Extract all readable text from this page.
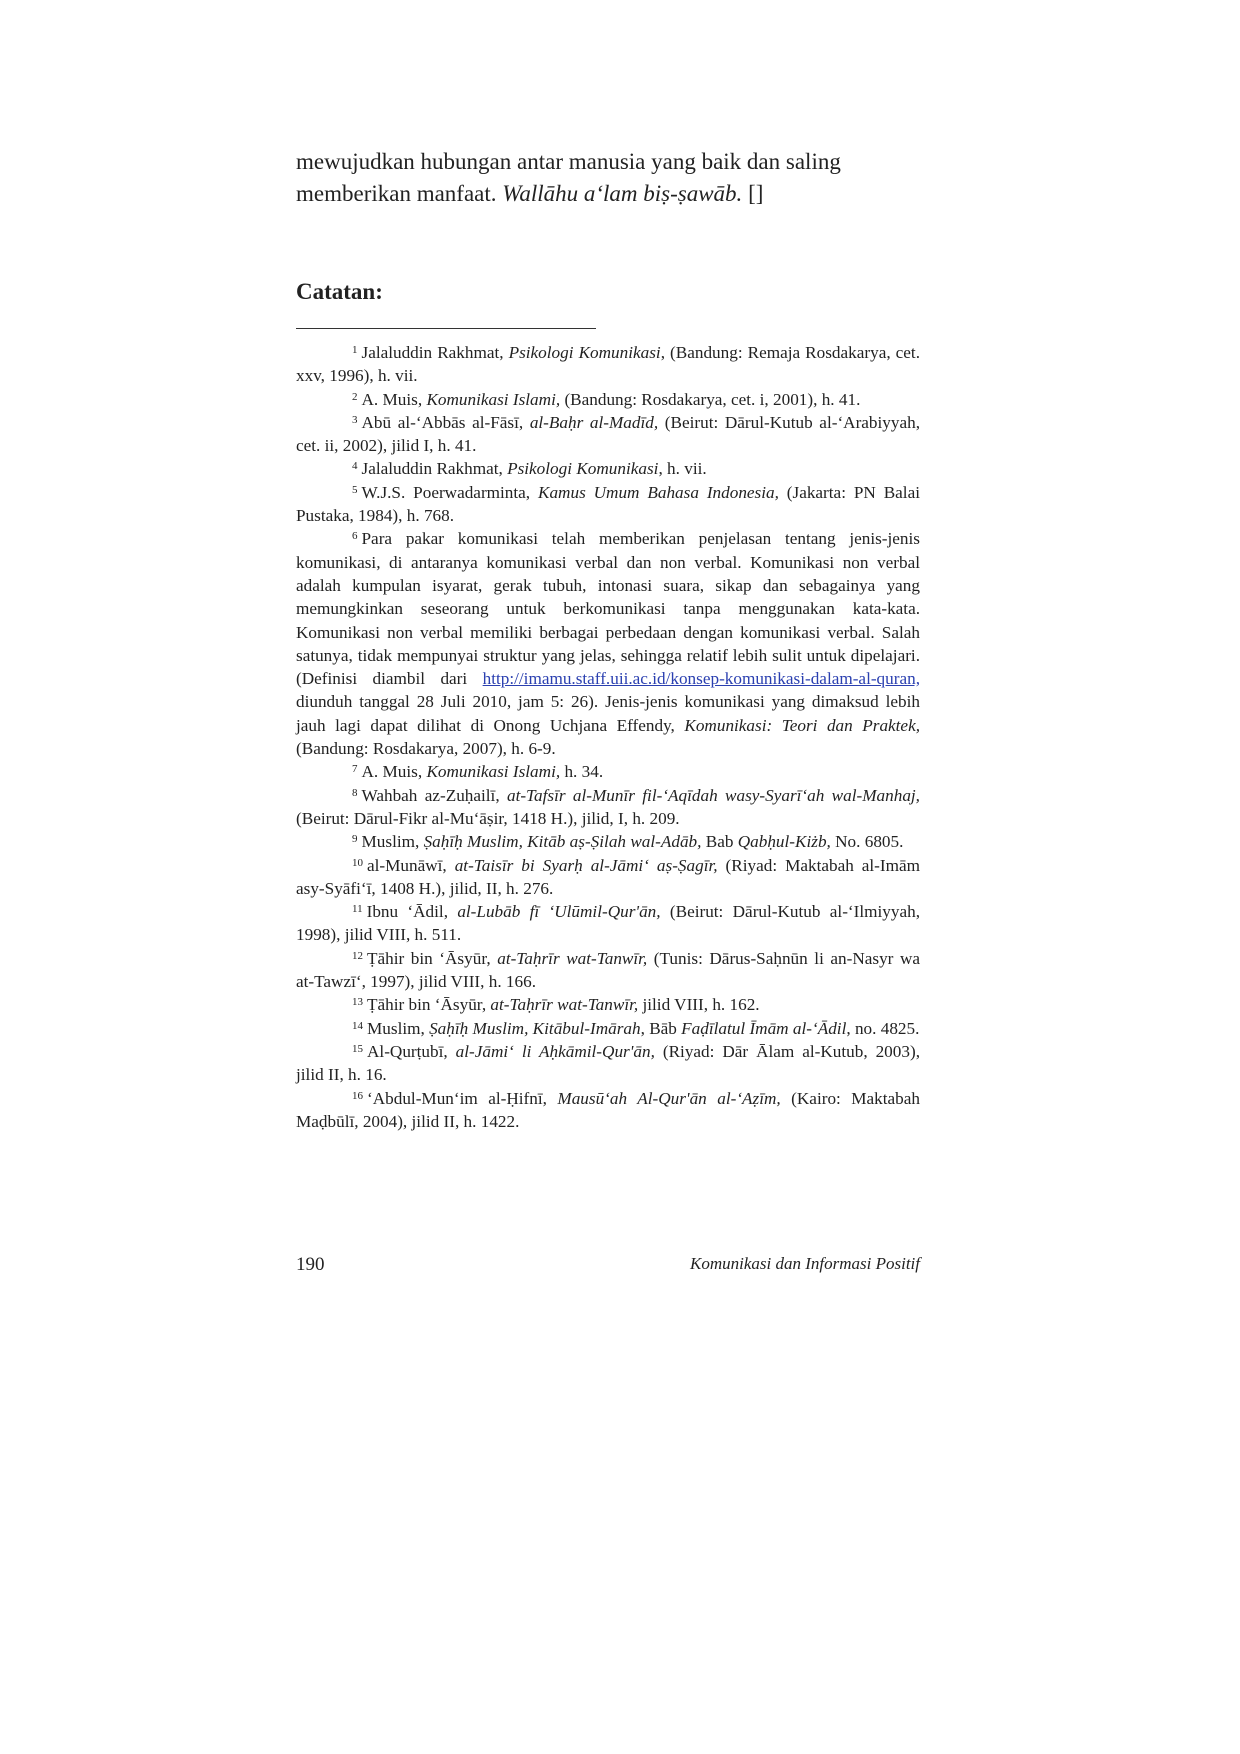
mewujudkan hubungan antar manusia yang baik dan saling
memberikan manfaat. Wallāhu a‘lam biṣ-ṣawāb. []

Catatan:

$^1$ Jalaluddin Rakhmat, Psikologi Komunikasi, (Bandung: Remaja Rosdakarya, cet. xxv, 1996), h. vii.

$^2$ A. Muis, Komunikasi Islami, (Bandung: Rosdakarya, cet. i, 2001), h. 41.

$^3$ Abū al-‘Abbās al-Fāsī, al-Baḥr al-Madīd, (Beirut: Dārul-Kutub al-‘Arabiyyah, cet. ii, 2002), jilid I, h. 41.

$^4$ Jalaluddin Rakhmat, Psikologi Komunikasi, h. vii.

$^5$ W.J.S. Poerwadarminta, Kamus Umum Bahasa Indonesia, (Jakarta: PN Balai Pustaka, 1984), h. 768.

$^6$ Para pakar komunikasi telah memberikan penjelasan tentang jenis-jenis komunikasi, di antaranya komunikasi verbal dan non verbal. Komunikasi non verbal adalah kumpulan isyarat, gerak tubuh, intonasi suara, sikap dan sebagainya yang memungkinkan seseorang untuk berkomunikasi tanpa menggunakan kata-kata. Komunikasi non verbal memiliki berbagai perbedaan dengan komunikasi verbal. Salah satunya, tidak mempunyai struktur yang jelas, sehingga relatif lebih sulit untuk dipelajari. (Definisi diambil dari http://imamu.staff.uii.ac.id/konsep-komunikasi-dalam-al-quran, diunduh tanggal 28 Juli 2010, jam 5: 26). Jenis-jenis komunikasi yang dimaksud lebih jauh lagi dapat dilihat di Onong Uchjana Effendy, Komunikasi: Teori dan Praktek, (Bandung: Rosdakarya, 2007), h. 6-9.

$^7$ A. Muis, Komunikasi Islami, h. 34.

$^8$ Wahbah az-Zuḥailī, at-Tafsīr al-Munīr fil-‘Aqīdah wasy-Syarī‘ah wal-Manhaj, (Beirut: Dārul-Fikr al-Mu‘āṣir, 1418 H.), jilid, I, h. 209.

$^9$ Muslim, Ṣaḥīḥ Muslim, Kitāb aṣ-Ṣilah wal-Adāb, Bab Qabḥul-Kiżb, No. 6805.

$^{10}$ al-Munāwī, at-Taisīr bi Syarḥ al-Jāmi‘ aṣ-Ṣagīr, (Riyad: Maktabah al-Imām asy-Syāfi‘ī, 1408 H.), jilid, II, h. 276.

$^{11}$ Ibnu ‘Ādil, al-Lubāb fī ‘Ulūmil-Qur'ān, (Beirut: Dārul-Kutub al-‘Ilmiyyah, 1998), jilid VIII, h. 511.

$^{12}$ Ṭāhir bin ‘Āsyūr, at-Taḥrīr wat-Tanwīr, (Tunis: Dārus-Saḥnūn li an-Nasyr wa at-Tawzī‘, 1997), jilid VIII, h. 166.

$^{13}$ Ṭāhir bin ‘Āsyūr, at-Taḥrīr wat-Tanwīr, jilid VIII, h. 162.

$^{14}$ Muslim, Ṣaḥīḥ Muslim, Kitābul-Imārah, Bāb Faḍīlatul Īmām al-‘Ādil, no. 4825.

$^{15}$ Al-Qurṭubī, al-Jāmi‘ li Aḥkāmil-Qur'ān, (Riyad: Dār Ālam al-Kutub, 2003), jilid II, h. 16.

$^{16}$ ‘Abdul-Mun‘im al-Ḥifnī, Mausū‘ah Al-Qur'ān al-‘Aẓīm, (Kairo: Maktabah Maḍbūlī, 2004), jilid II, h. 1422.

190	Komunikasi dan Informasi Positif
